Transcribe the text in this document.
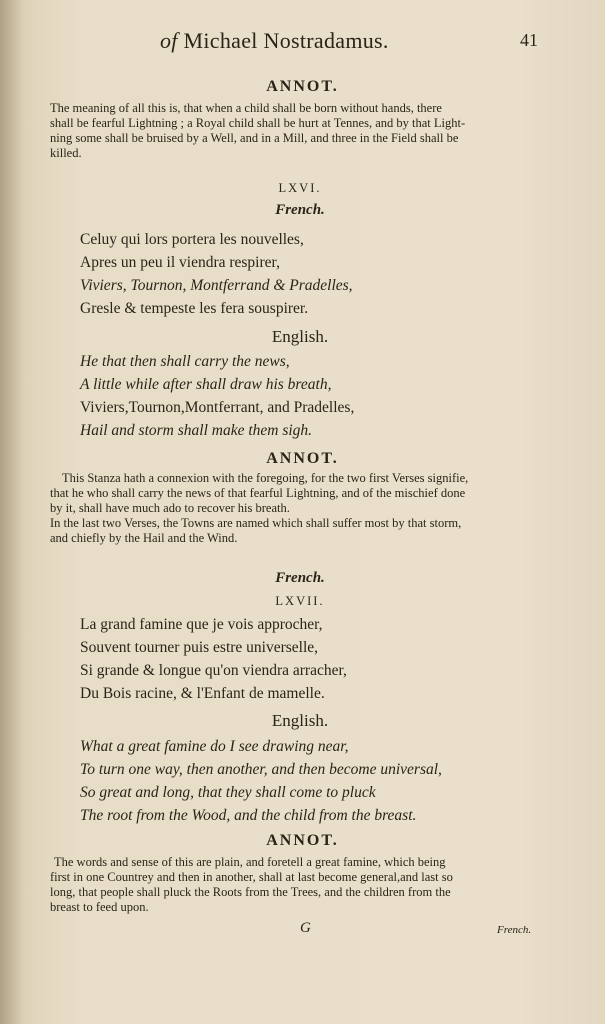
of Michael Nostradamus.	41
ANNOT.

The meaning of all this is, that when a child shall be born without hands, there

shall be fearful Lightning ; a Royal child shall be hurt at Tennes, and by that Light-

ning some shall be bruised by a Well, and in a Mill, and three in the Field shall be

killed.

LXVI.
French.
Celuy qui lors portera les nouvelles,
Apres un peu il viendra respirer,
Viviers, Tournon, Montferrand & Pradelles,
Gresle & tempeste les fera souspirer.
English.
He that then shall carry the news,
A little while after shall draw his breath,
Viviers,Tournon,Montferrant, and Pradelles,
Hail and storm shall make them sigh.
ANNOT.

This Stanza hath a connexion with the foregoing, for the two first Verses signifie,

that he who shall carry the news of that fearful Lightning, and of the mischief done

by it, shall have much ado to recover his breath.

In the last two Verses, the Towns are named which shall suffer most by that storm,

and chiefly by the Hail and the Wind.

French.
LXVII.
La grand famine que je vois approcher,
Souvent tourner puis estre universelle,
Si grande & longue qu'on viendra arracher,
Du Bois racine, & l'Enfant de mamelle.
English.
What a great famine do I see drawing near,
To turn one way, then another, and then become universal,
So great and long, that they shall come to pluck
The root from the Wood, and the child from the breast.
ANNOT.

The words and sense of this are plain, and foretell a great famine, which being

first in one Countrey and then in another, shall at last become general,and last so

long, that people shall pluck the Roots from the Trees, and the children from the

breast to feed upon.

G	French.
